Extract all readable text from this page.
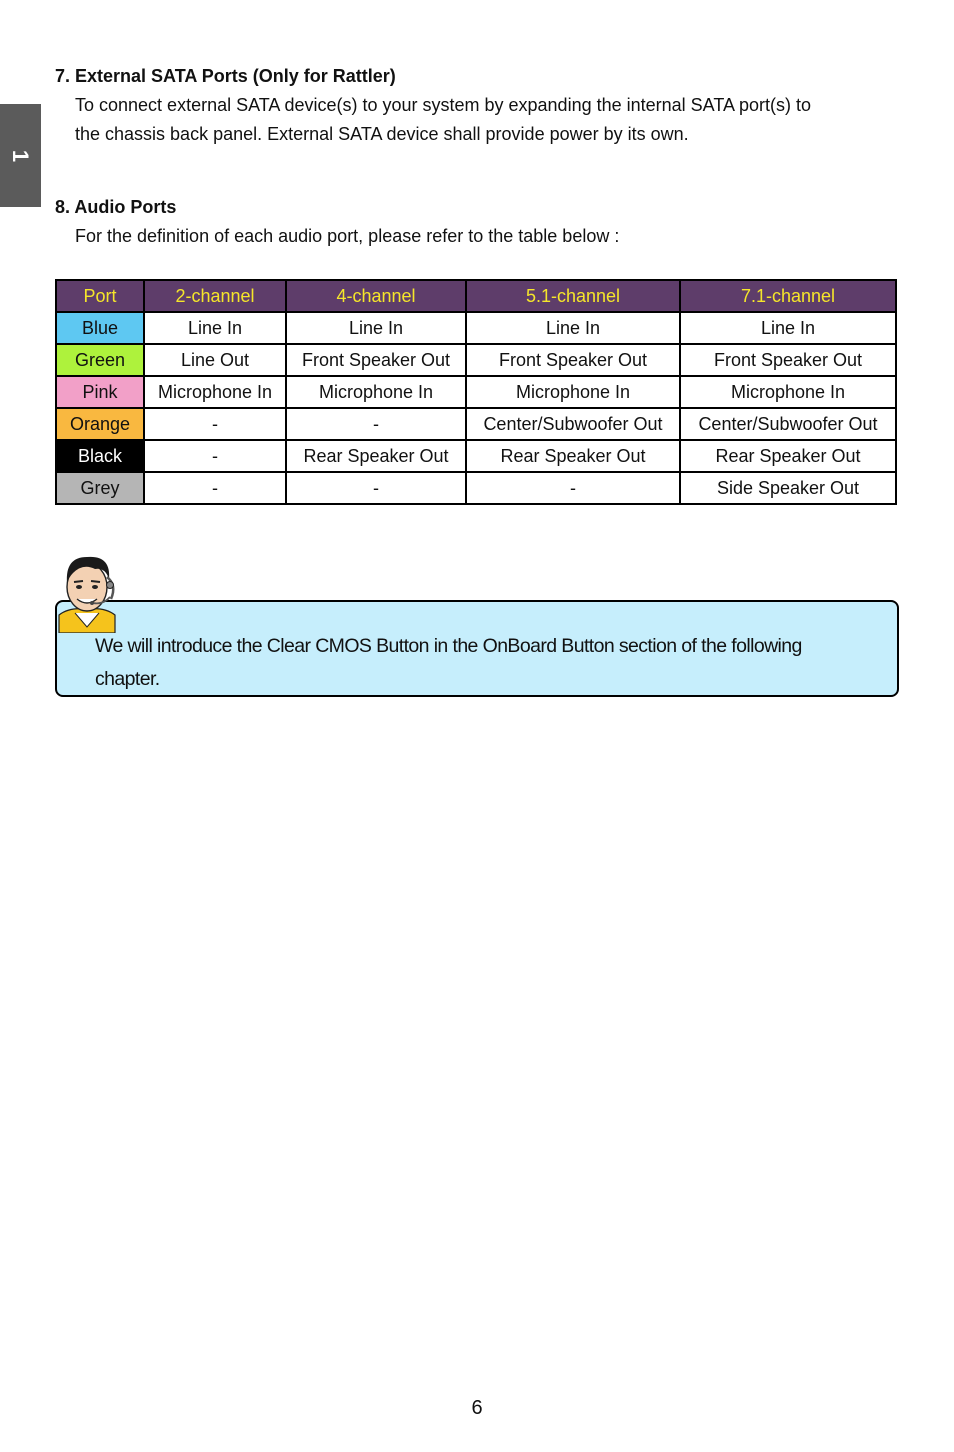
1
7. External SATA Ports (Only for Rattler)
To connect external SATA device(s) to your system by expanding the internal SATA port(s) to
the chassis back panel. External SATA device shall provide power by its own.
8. Audio Ports
For the definition of each audio port, please refer to the table below :
Port	2-channel	4-channel	5.1-channel	7.1-channel
Blue	Line In	Line In	Line In	Line In
Green	Line Out	Front Speaker Out	Front Speaker Out	Front Speaker Out
Pink	Microphone In	Microphone In	Microphone In	Microphone In
Orange	-	-	Center/Subwoofer Out	Center/Subwoofer Out
Black	-	Rear Speaker Out	Rear Speaker Out	Rear Speaker Out
Grey	-	-	-	Side Speaker Out
We will introduce the Clear CMOS Button in the OnBoard Button section of the following
chapter.
6
